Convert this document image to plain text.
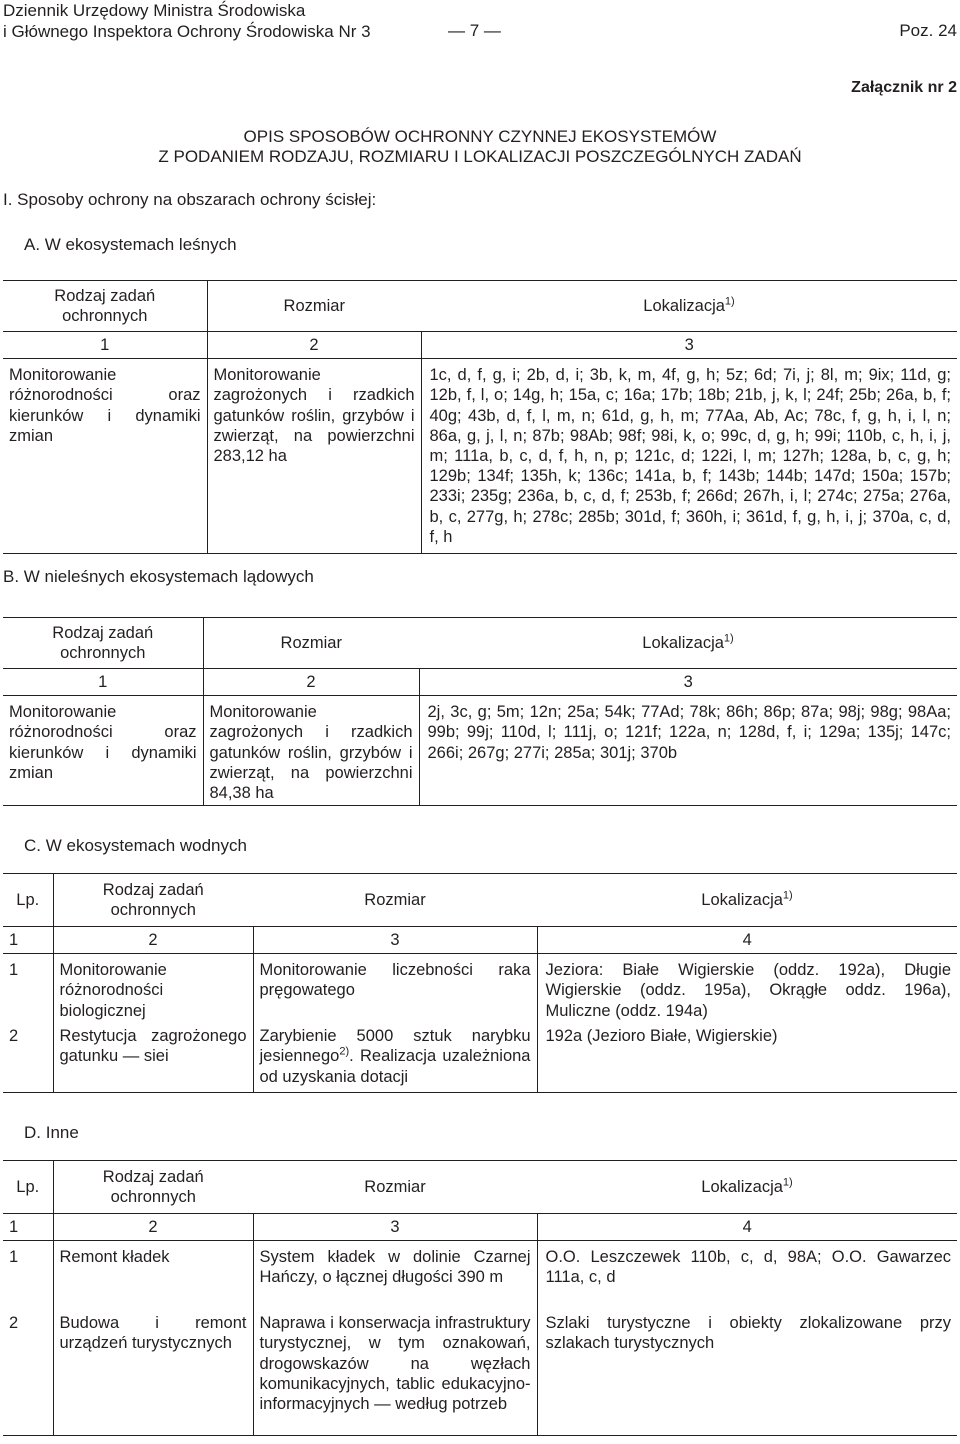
Dziennik Urzędowy Ministra Środowiska
i Głównego Inspektora Ochrony Środowiska Nr 3	— 7 —	Poz. 24
Załącznik nr 2
OPIS SPOSOBÓW OCHRONNY CZYNNEJ EKOSYSTEMÓW
Z PODANIEM RODZAJU, ROZMIARU I LOKALIZACJI POSZCZEGÓLNYCH ZADAŃ
I. Sposoby ochrony na obszarach ochrony ścisłej:
A. W ekosystemach leśnych
Rodzaj zadań
ochronnych	Rozmiar	Lokalizacja$^{1)}$
1	2	3
Monitorowanie różnorodności oraz kierunków i dynamiki zmian	Monitorowanie zagrożonych i rzadkich gatunków roślin, grzybów i zwierząt, na powierzchni 283,12 ha	1c, d, f, g, i; 2b, d, i; 3b, k, m, 4f, g, h; 5z; 6d; 7i, j; 8l, m; 9ix; 11d, g; 12b, f, l, o; 14g, h; 15a, c; 16a; 17b; 18b; 21b, j, k, l; 24f; 25b; 26a, b, f; 40g; 43b, d, f, l, m, n; 61d, g, h, m; 77Aa, Ab, Ac; 78c, f, g, h, i, l, n; 86a, g, j, l, n; 87b; 98Ab; 98f; 98i, k, o; 99c, d, g, h; 99i; 110b, c, h, i, j, m; 111a, b, c, d, f, h, n, p; 121c, d; 122i, l, m; 127h; 128a, b, c, g, h; 129b; 134f; 135h, k; 136c; 141a, b, f; 143b; 144b; 147d; 150a; 157b; 233i; 235g; 236a, b, c, d, f; 253b, f; 266d; 267h, i, l; 274c; 275a; 276a, b, c, 277g, h; 278c; 285b; 301d, f; 360h, i; 361d, f, g, h, i, j; 370a, c, d, f, h
B. W nieleśnych ekosystemach lądowych
Rodzaj zadań
ochronnych	Rozmiar	Lokalizacja$^{1)}$
1	2	3
Monitorowanie różnorodności oraz kierunków i dynamiki zmian	Monitorowanie zagrożonych i rzadkich gatunków roślin, grzybów i zwierząt, na powierzchni 84,38 ha	2j, 3c, g; 5m; 12n; 25a; 54k; 77Ad; 78k; 86h; 86p; 87a; 98j; 98g; 98Aa; 99b; 99j; 110d, l; 111j, o; 121f; 122a, n; 128d, f, i; 129a; 135j; 147c; 266i; 267g; 277i; 285a; 301j; 370b
C. W ekosystemach wodnych
Lp.	Rodzaj zadań
ochronnych	Rozmiar	Lokalizacja$^{1)}$
1	2	3	4
1	Monitorowanie różnorodności biologicznej	Monitorowanie liczebności raka pręgowatego	Jeziora: Białe Wigierskie (oddz. 192a), Długie Wigierskie (oddz. 195a), Okrągłe oddz. 196a), Muliczne (oddz. 194a)
2	Restytucja zagrożonego gatunku — siei	Zarybienie 5000 sztuk narybku jesiennego$^{2)}$. Realizacja uzależniona od uzyskania dotacji	192a (Jezioro Białe, Wigierskie)
D. Inne
Lp.	Rodzaj zadań
ochronnych	Rozmiar	Lokalizacja$^{1)}$
1	2	3	4
1	Remont kładek	System kładek w dolinie Czarnej Hańczy, o łącznej długości 390 m	O.O. Leszczewek 110b, c, d, 98A; O.O. Gawarzec 111a, c, d
2	Budowa i remont urządzeń turystycznych	Naprawa i konserwacja infrastruktury turystycznej, w tym oznakowań, drogowskazów na węzłach komunikacyjnych, tablic edukacyjno-informacyjnych — według potrzeb	Szlaki turystyczne i obiekty zlokalizowane przy szlakach turystycznych
